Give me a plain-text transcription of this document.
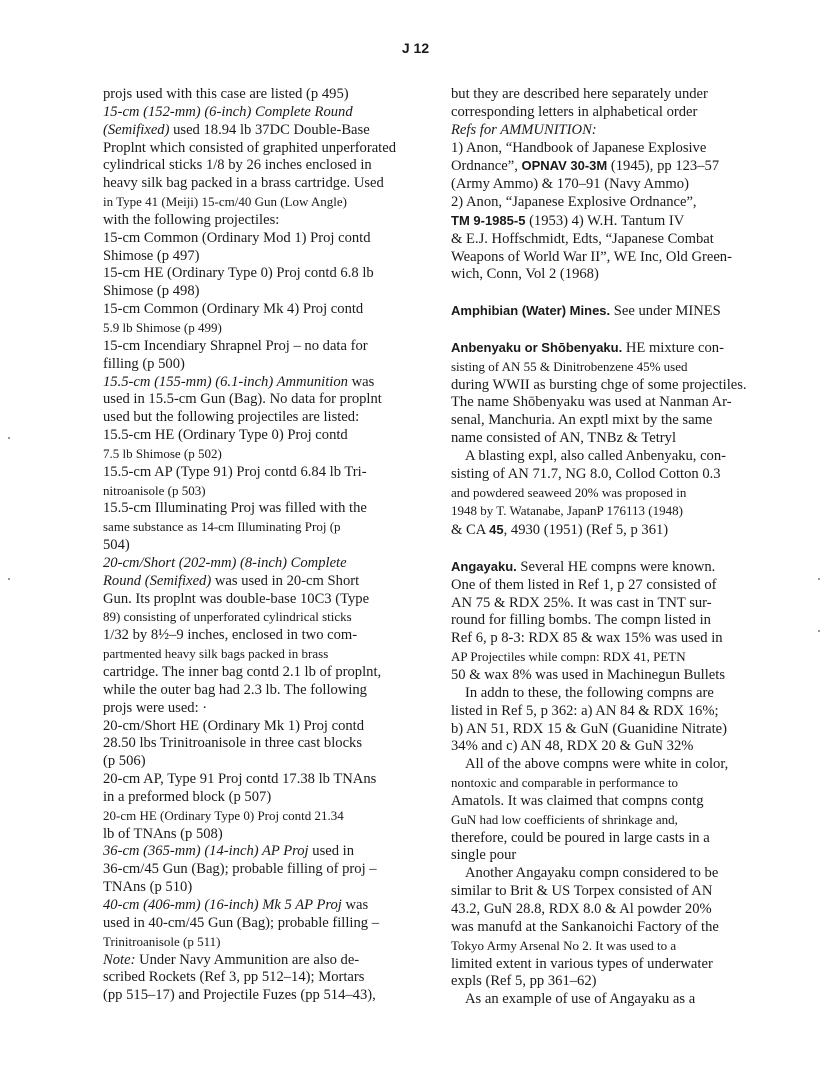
J 12
projs used with this case are listed (p 495)
15-cm (152-mm) (6-inch) Complete Round
(Semifixed) used 18.94 lb 37DC Double-Base
Proplnt which consisted of graphited unperforated
cylindrical sticks 1/8 by 26 inches enclosed in
heavy silk bag packed in a brass cartridge. Used
in Type 41 (Meiji) 15-cm/40 Gun (Low Angle)
with the following projectiles:
15-cm Common (Ordinary Mod 1) Proj contd
Shimose (p 497)
15-cm HE (Ordinary Type 0) Proj contd 6.8 lb
Shimose (p 498)
15-cm Common (Ordinary Mk 4) Proj contd
5.9 lb Shimose (p 499)
15-cm Incendiary Shrapnel Proj – no data for
filling (p 500)
15.5-cm (155-mm) (6.1-inch) Ammunition was
used in 15.5-cm Gun (Bag). No data for proplnt
used but the following projectiles are listed:
15.5-cm HE (Ordinary Type 0) Proj contd
7.5 lb Shimose (p 502)
15.5-cm AP (Type 91) Proj contd 6.84 lb Tri-
nitroanisole (p 503)
15.5-cm Illuminating Proj was filled with the
same substance as 14-cm Illuminating Proj (p
504)
20-cm/Short (202-mm) (8-inch) Complete
Round (Semifixed) was used in 20-cm Short
Gun. Its proplnt was double-base 10C3 (Type
89) consisting of unperforated cylindrical sticks
1/32 by 8½–9 inches, enclosed in two com-
partmented heavy silk bags packed in brass
cartridge. The inner bag contd 2.1 lb of proplnt,
while the outer bag had 2.3 lb. The following
projs were used: ·
20-cm/Short HE (Ordinary Mk 1) Proj contd
28.50 lbs Trinitroanisole in three cast blocks
(p 506)
20-cm AP, Type 91 Proj contd 17.38 lb TNAns
in a preformed block (p 507)
20-cm HE (Ordinary Type 0) Proj contd 21.34
lb of TNAns (p 508)
36-cm (365-mm) (14-inch) AP Proj used in
36-cm/45 Gun (Bag); probable filling of proj –
TNAns (p 510)
40-cm (406-mm) (16-inch) Mk 5 AP Proj was
used in 40-cm/45 Gun (Bag); probable filling –
Trinitroanisole (p 511)
Note: Under Navy Ammunition are also de-
scribed Rockets (Ref 3, pp 512–14); Mortars
(pp 515–17) and Projectile Fuzes (pp 514–43),
but they are described here separately under
corresponding letters in alphabetical order
Refs for AMMUNITION:
1) Anon, “Handbook of Japanese Explosive
Ordnance”, OPNAV 30-3M (1945), pp 123–57
(Army Ammo) & 170–91 (Navy Ammo)
2) Anon, “Japanese Explosive Ordnance”,
TM 9-1985-5 (1953) 4) W.H. Tantum IV
& E.J. Hoffschmidt, Edts, “Japanese Combat
Weapons of World War II”, WE Inc, Old Green-
wich, Conn, Vol 2 (1968)
Amphibian (Water) Mines. See under MINES
Anbenyaku or Shōbenyaku. HE mixture con-
sisting of AN 55 & Dinitrobenzene 45% used
during WWII as bursting chge of some projectiles.
The name Shōbenyaku was used at Nanman Ar-
senal, Manchuria. An exptl mixt by the same
name consisted of AN, TNBz & Tetryl
A blasting expl, also called Anbenyaku, con-
sisting of AN 71.7, NG 8.0, Collod Cotton 0.3
and powdered seaweed 20% was proposed in
1948 by T. Watanabe, JapanP 176113 (1948)
& CA 45, 4930 (1951) (Ref 5, p 361)
Angayaku. Several HE compns were known.
One of them listed in Ref 1, p 27 consisted of
AN 75 & RDX 25%. It was cast in TNT sur-
round for filling bombs. The compn listed in
Ref 6, p 8-3: RDX 85 & wax 15% was used in
AP Projectiles while compn: RDX 41, PETN
50 & wax 8% was used in Machinegun Bullets
In addn to these, the following compns are
listed in Ref 5, p 362: a) AN 84 & RDX 16%;
b) AN 51, RDX 15 & GuN (Guanidine Nitrate)
34% and c) AN 48, RDX 20 & GuN 32%
All of the above compns were white in color,
nontoxic and comparable in performance to
Amatols. It was claimed that compns contg
GuN had low coefficients of shrinkage and,
therefore, could be poured in large casts in a
single pour
Another Angayaku compn considered to be
similar to Brit & US Torpex consisted of AN
43.2, GuN 28.8, RDX 8.0 & Al powder 20%
was manufd at the Sankanoichi Factory of the
Tokyo Army Arsenal No 2. It was used to a
limited extent in various types of underwater
expls (Ref 5, pp 361–62)
As an example of use of Angayaku as a
